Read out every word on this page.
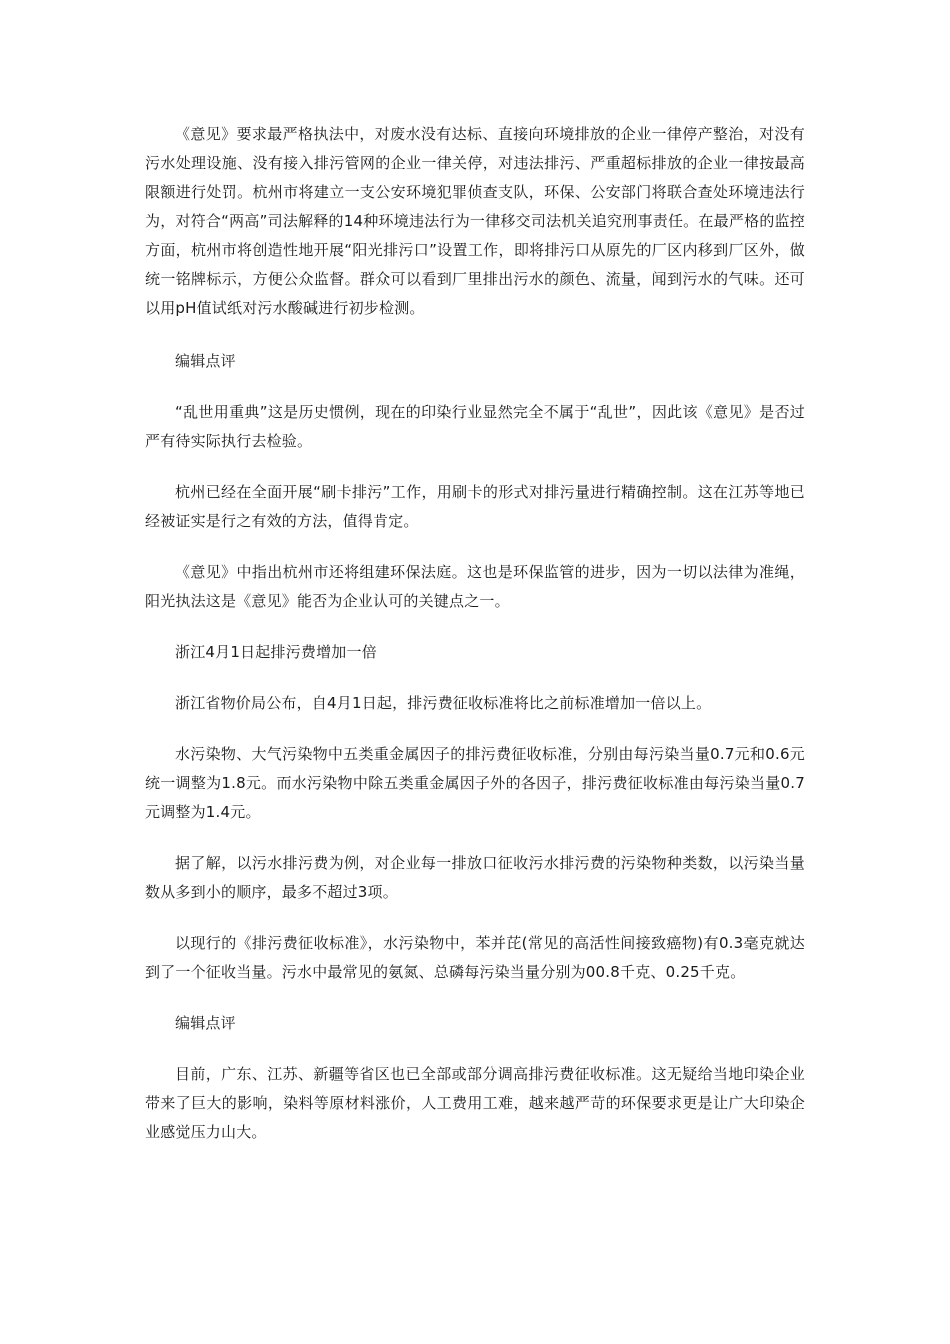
《意见》要求最严格执法中，对废水没有达标、直接向环境排放的企业一律停产整治，对没有污水处理设施、没有接入排污管网的企业一律关停，对违法排污、严重超标排放的企业一律按最高限额进行处罚。杭州市将建立一支公安环境犯罪侦查支队，环保、公安部门将联合查处环境违法行为，对符合“两高”司法解释的14种环境违法行为一律移交司法机关追究刑事责任。在最严格的监控方面，杭州市将创造性地开展“阳光排污口”设置工作，即将排污口从原先的厂区内移到厂区外，做统一铭牌标示，方便公众监督。群众可以看到厂里排出污水的颜色、流量，闻到污水的气味。还可以用pH值试纸对污水酸碱进行初步检测。

编辑点评

“乱世用重典”这是历史惯例，现在的印染行业显然完全不属于“乱世”，因此该《意见》是否过严有待实际执行去检验。

杭州已经在全面开展“刷卡排污”工作，用刷卡的形式对排污量进行精确控制。这在江苏等地已经被证实是行之有效的方法，值得肯定。

《意见》中指出杭州市还将组建环保法庭。这也是环保监管的进步，因为一切以法律为准绳，阳光执法这是《意见》能否为企业认可的关键点之一。

浙江4月1日起排污费增加一倍

浙江省物价局公布，自4月1日起，排污费征收标准将比之前标准增加一倍以上。

水污染物、大气污染物中五类重金属因子的排污费征收标准，分别由每污染当量0.7元和0.6元统一调整为1.8元。而水污染物中除五类重金属因子外的各因子，排污费征收标准由每污染当量0.7元调整为1.4元。

据了解，以污水排污费为例，对企业每一排放口征收污水排污费的污染物种类数，以污染当量数从多到小的顺序，最多不超过3项。

以现行的《排污费征收标准》，水污染物中，苯并芘(常见的高活性间接致癌物)有0.3毫克就达到了一个征收当量。污水中最常见的氨氮、总磷每污染当量分别为00.8千克、0.25千克。

编辑点评

目前，广东、江苏、新疆等省区也已全部或部分调高排污费征收标准。这无疑给当地印染企业带来了巨大的影响，染料等原材料涨价，人工费用工难，越来越严苛的环保要求更是让广大印染企业感觉压力山大。
